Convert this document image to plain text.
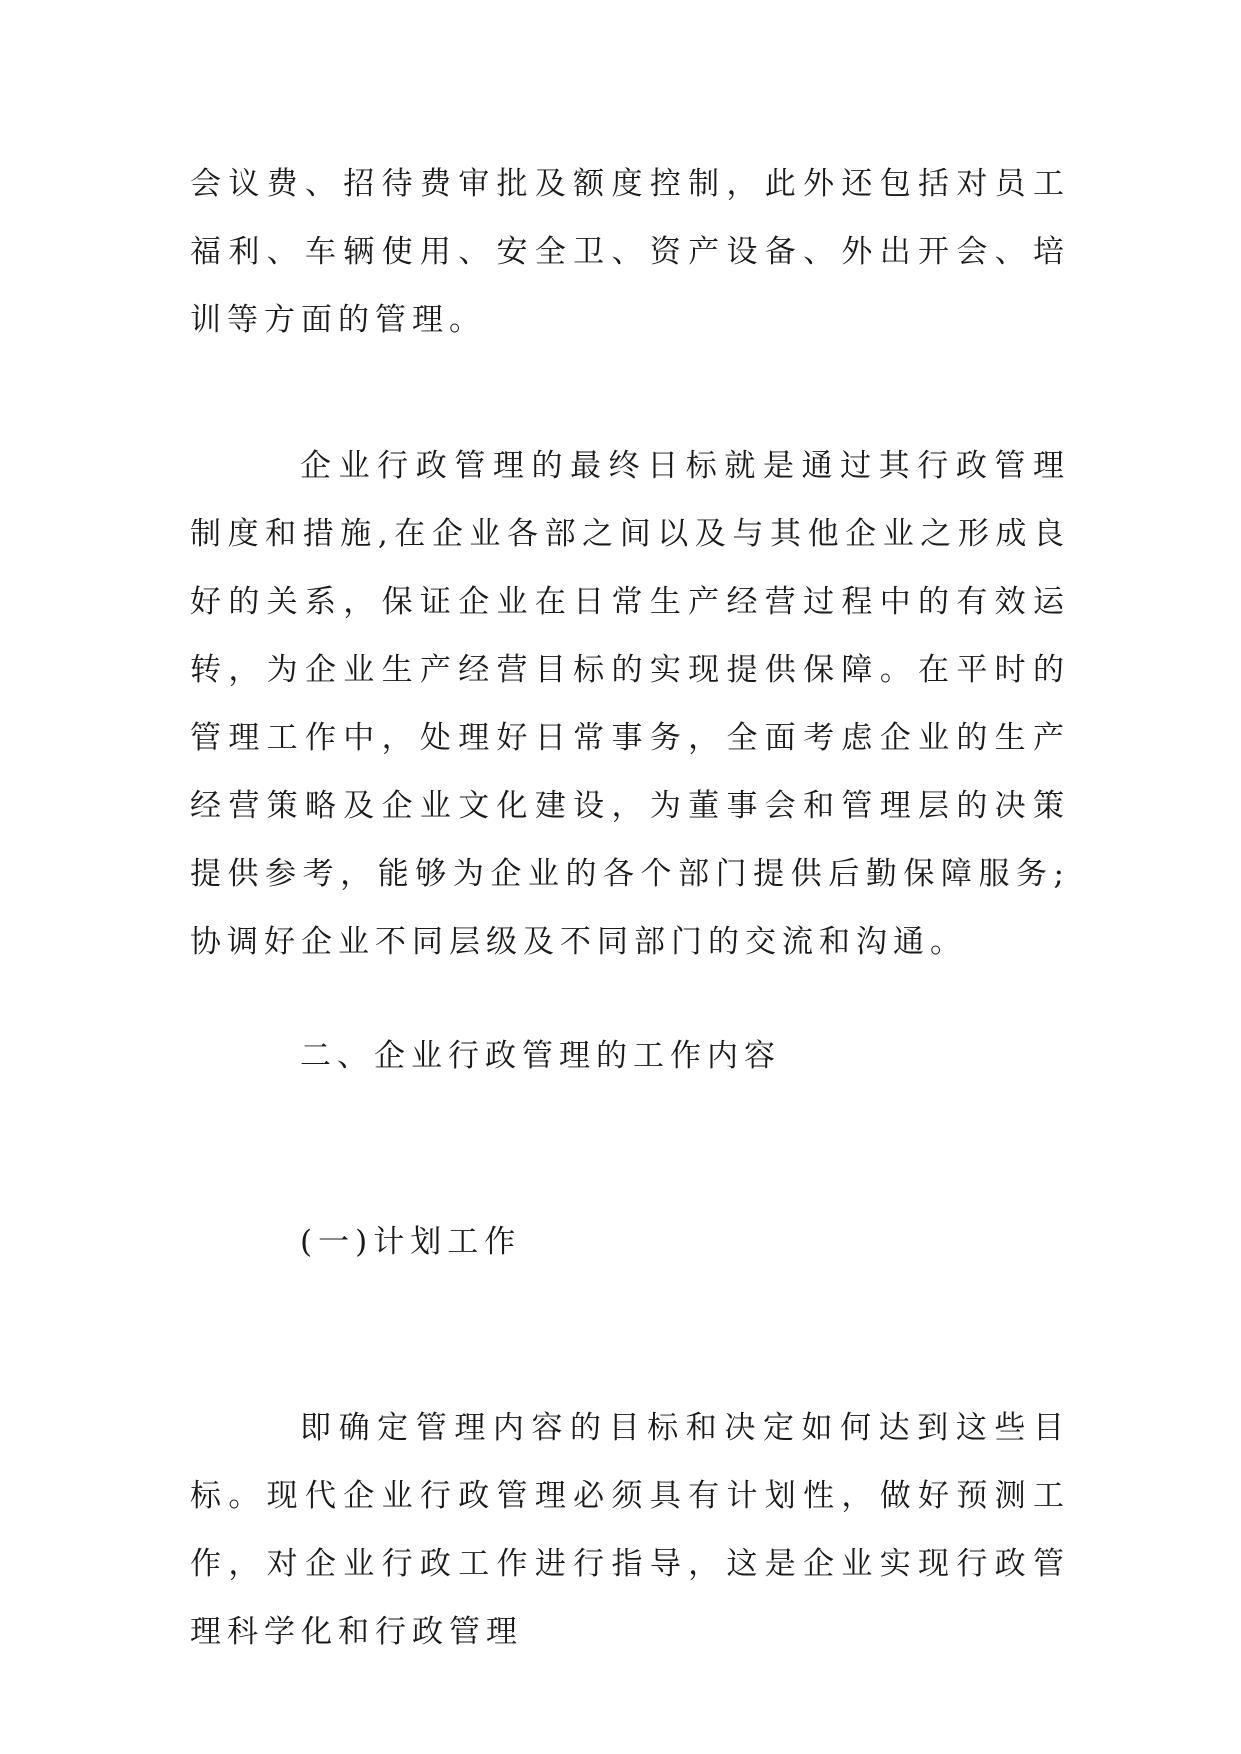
会议费、招待费审批及额度控制，此外还包括对员工福利、车辆使用、安全卫、资产设备、外出开会、培训等方面的管理。

企业行政管理的最终日标就是通过其行政管理制度和措施,在企业各部之间以及与其他企业之形成良好的关系，保证企业在日常生产经营过程中的有效运转，为企业生产经营目标的实现提供保障。在平时的管理工作中，处理好日常事务，全面考虑企业的生产经营策略及企业文化建设，为董事会和管理层的决策提供参考，能够为企业的各个部门提供后勤保障服务;协调好企业不同层级及不同部门的交流和沟通。

二、企业行政管理的工作内容

(一)计划工作

即确定管理内容的目标和决定如何达到这些目标。现代企业行政管理必须具有计划性，做好预测工作，对企业行政工作进行指导，这是企业实现行政管理科学化和行政管理
